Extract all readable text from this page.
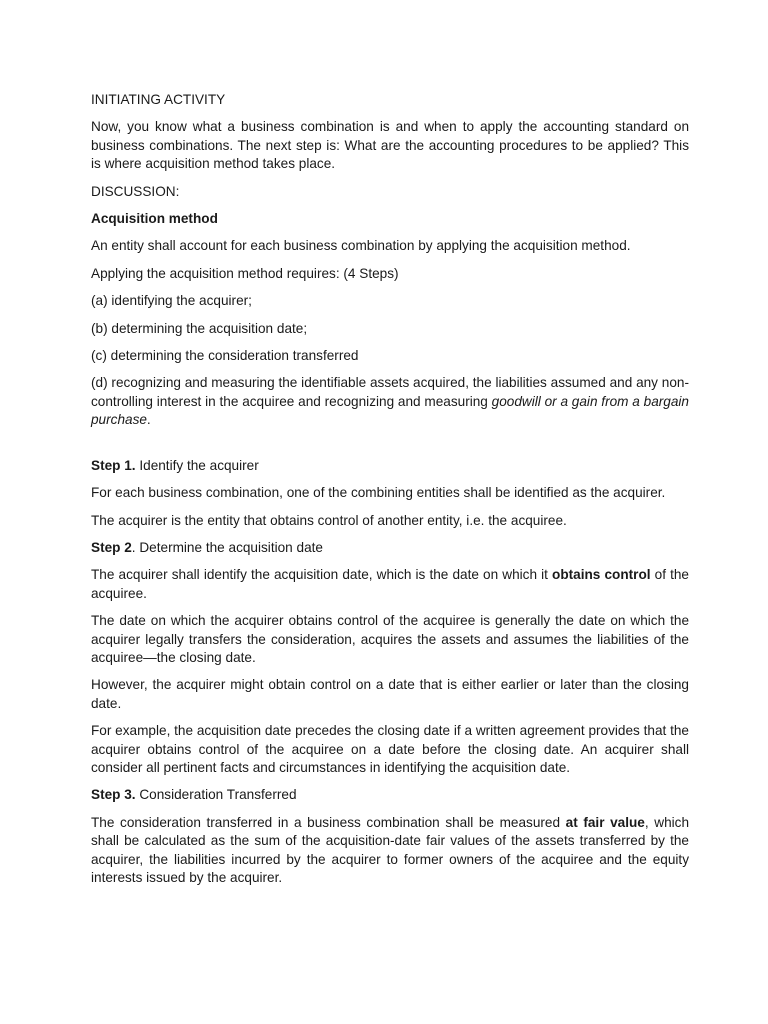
INITIATING ACTIVITY

Now, you know what a business combination is and when to apply the accounting standard on business combinations. The next step is: What are the accounting procedures to be applied? This is where acquisition method takes place.

DISCUSSION:

Acquisition method

An entity shall account for each business combination by applying the acquisition method.

Applying the acquisition method requires: (4 Steps)

(a) identifying the acquirer;

(b) determining the acquisition date;

(c) determining the consideration transferred

(d) recognizing and measuring the identifiable assets acquired, the liabilities assumed and any non-controlling interest in the acquiree and recognizing and measuring goodwill or a gain from a bargain purchase.

Step 1. Identify the acquirer

For each business combination, one of the combining entities shall be identified as the acquirer.

The acquirer is the entity that obtains control of another entity, i.e. the acquiree.

Step 2. Determine the acquisition date

The acquirer shall identify the acquisition date, which is the date on which it obtains control of the acquiree.

The date on which the acquirer obtains control of the acquiree is generally the date on which the acquirer legally transfers the consideration, acquires the assets and assumes the liabilities of the acquiree—the closing date.

However, the acquirer might obtain control on a date that is either earlier or later than the closing date.

For example, the acquisition date precedes the closing date if a written agreement provides that the acquirer obtains control of the acquiree on a date before the closing date. An acquirer shall consider all pertinent facts and circumstances in identifying the acquisition date.

Step 3. Consideration Transferred

The consideration transferred in a business combination shall be measured at fair value, which shall be calculated as the sum of the acquisition-date fair values of the assets transferred by the acquirer, the liabilities incurred by the acquirer to former owners of the acquiree and the equity interests issued by the acquirer.
